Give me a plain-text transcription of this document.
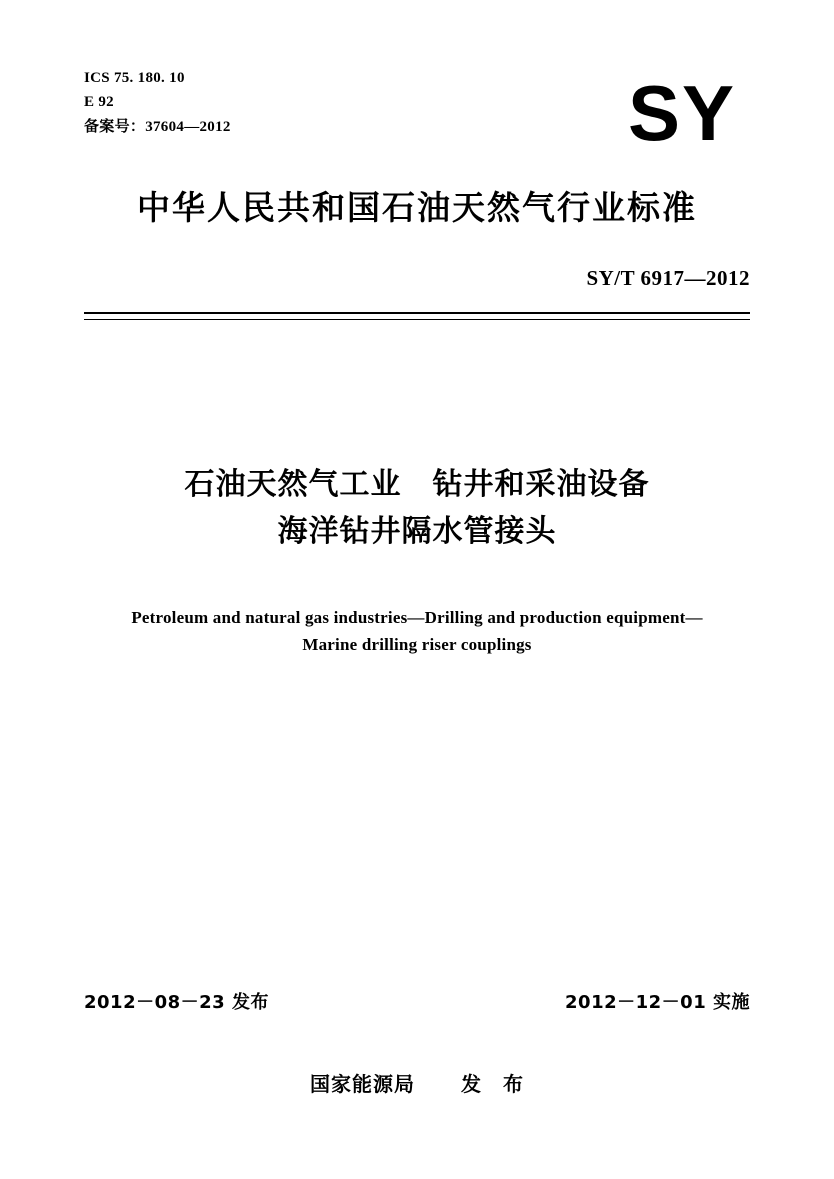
ICS 75. 180. 10
E 92
备案号：37604—2012	SY
中华人民共和国石油天然气行业标准
SY/T 6917—2012
石油天然气工业　钻井和采油设备
海洋钻井隔水管接头
Petroleum and natural gas industries—Drilling and production equipment—
Marine drilling riser couplings
2012－08－23 发布	2012－12－01 实施
国家能源局 发　布
